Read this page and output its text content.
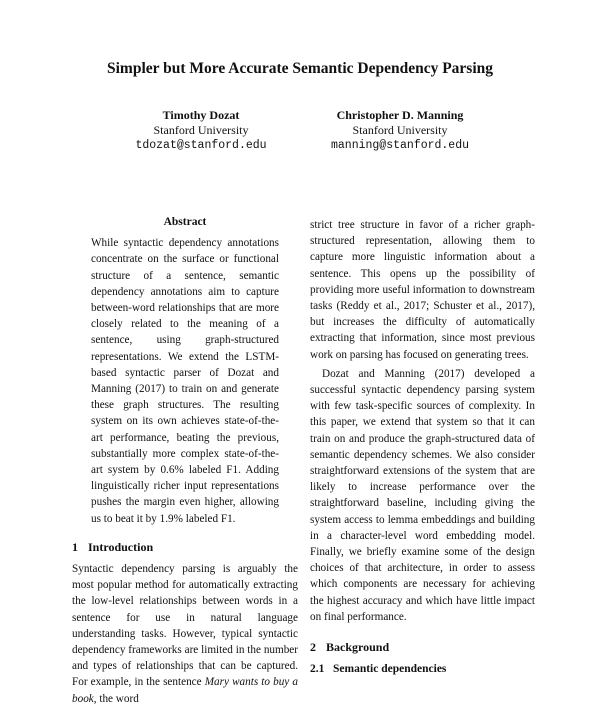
Simpler but More Accurate Semantic Dependency Parsing
Timothy Dozat
Stanford University
tdozat@stanford.edu
Christopher D. Manning
Stanford University
manning@stanford.edu
Abstract

While syntactic dependency annotations concentrate on the surface or functional structure of a sentence, semantic dependency annotations aim to capture between-word relationships that are more closely related to the meaning of a sentence, using graph-structured representations. We extend the LSTM-based syntactic parser of Dozat and Manning (2017) to train on and generate these graph structures. The resulting system on its own achieves state-of-the-art performance, beating the previous, substantially more complex state-of-the-art system by 0.6% labeled F1. Adding linguistically richer input representations pushes the margin even higher, allowing us to beat it by 1.9% labeled F1.

1 Introduction

Syntactic dependency parsing is arguably the most popular method for automatically extracting the low-level relationships between words in a sentence for use in natural language understanding tasks. However, typical syntactic dependency frameworks are limited in the number and types of relationships that can be captured. For example, in the sentence Mary wants to buy a book, the word

strict tree structure in favor of a richer graph-structured representation, allowing them to capture more linguistic information about a sentence. This opens up the possibility of providing more useful information to downstream tasks (Reddy et al., 2017; Schuster et al., 2017), but increases the difficulty of automatically extracting that information, since most previous work on parsing has focused on generating trees.

Dozat and Manning (2017) developed a successful syntactic dependency parsing system with few task-specific sources of complexity. In this paper, we extend that system so that it can train on and produce the graph-structured data of semantic dependency schemes. We also consider straightforward extensions of the system that are likely to increase performance over the straightforward baseline, including giving the system access to lemma embeddings and building in a character-level word embedding model. Finally, we briefly examine some of the design choices of that architecture, in order to assess which components are necessary for achieving the highest accuracy and which have little impact on final performance.

2 Background
2.1 Semantic dependencies
